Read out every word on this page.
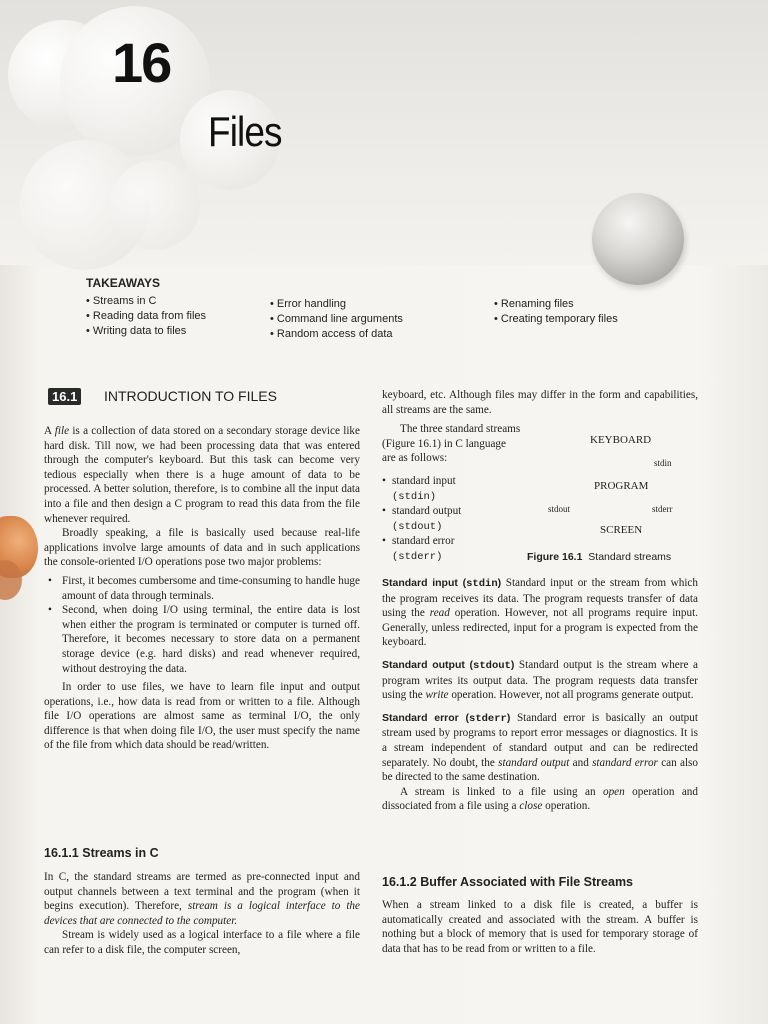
16
Files
TAKEAWAYS
• Streams in C
• Reading data from files
• Writing data to files
• Error handling
• Command line arguments
• Random access of data
• Renaming files
• Creating temporary files
16.1 INTRODUCTION TO FILES

A file is a collection of data stored on a secondary storage device like hard disk. Till now, we had been processing data that was entered through the computer's keyboard. But this task can become very tedious especially when there is a huge amount of data to be processed. A better solution, therefore, is to combine all the input data into a file and then design a C program to read this data from the file whenever required.

Broadly speaking, a file is basically used because real-life applications involve large amounts of data and in such applications the console-oriented I/O operations pose two major problems:

• First, it becomes cumbersome and time-consuming to handle huge amount of data through terminals.
• Second, when doing I/O using terminal, the entire data is lost when either the program is terminated or computer is turned off. Therefore, it becomes necessary to store data on a permanent storage device (e.g. hard disks) and read whenever required, without destroying the data.

In order to use files, we have to learn file input and output operations, i.e., how data is read from or written to a file. Although file I/O operations are almost same as terminal I/O, the only difference is that when doing file I/O, the user must specify the name of the file from which data should be read/written.

16.1.1 Streams in C

In C, the standard streams are termed as pre-connected input and output channels between a text terminal and the program (when it begins execution). Therefore, stream is a logical interface to the devices that are connected to the computer.

Stream is widely used as a logical interface to a file where a file can refer to a disk file, the computer screen,

keyboard, etc. Although files may differ in the form and capabilities, all streams are the same.

The three standard streams (Figure 16.1) in C language are as follows:

• standard input
(stdin)
• standard output
(stdout)
• standard error
(stderr)
KEYBOARD
stdin
PROGRAM
stdout	stderr
SCREEN
Figure 16.1 Standard streams

Standard input (stdin) Standard input or the stream from which the program receives its data. The program requests transfer of data using the read operation. However, not all programs require input. Generally, unless redirected, input for a program is expected from the keyboard.

Standard output (stdout) Standard output is the stream where a program writes its output data. The program requests data transfer using the write operation. However, not all programs generate output.

Standard error (stderr) Standard error is basically an output stream used by programs to report error messages or diagnostics. It is a stream independent of standard output and can be redirected separately. No doubt, the standard output and standard error can also be directed to the same destination.

A stream is linked to a file using an open operation and dissociated from a file using a close operation.

16.1.2 Buffer Associated with File Streams

When a stream linked to a disk file is created, a buffer is automatically created and associated with the stream. A buffer is nothing but a block of memory that is used for temporary storage of data that has to be read from or written to a file.
